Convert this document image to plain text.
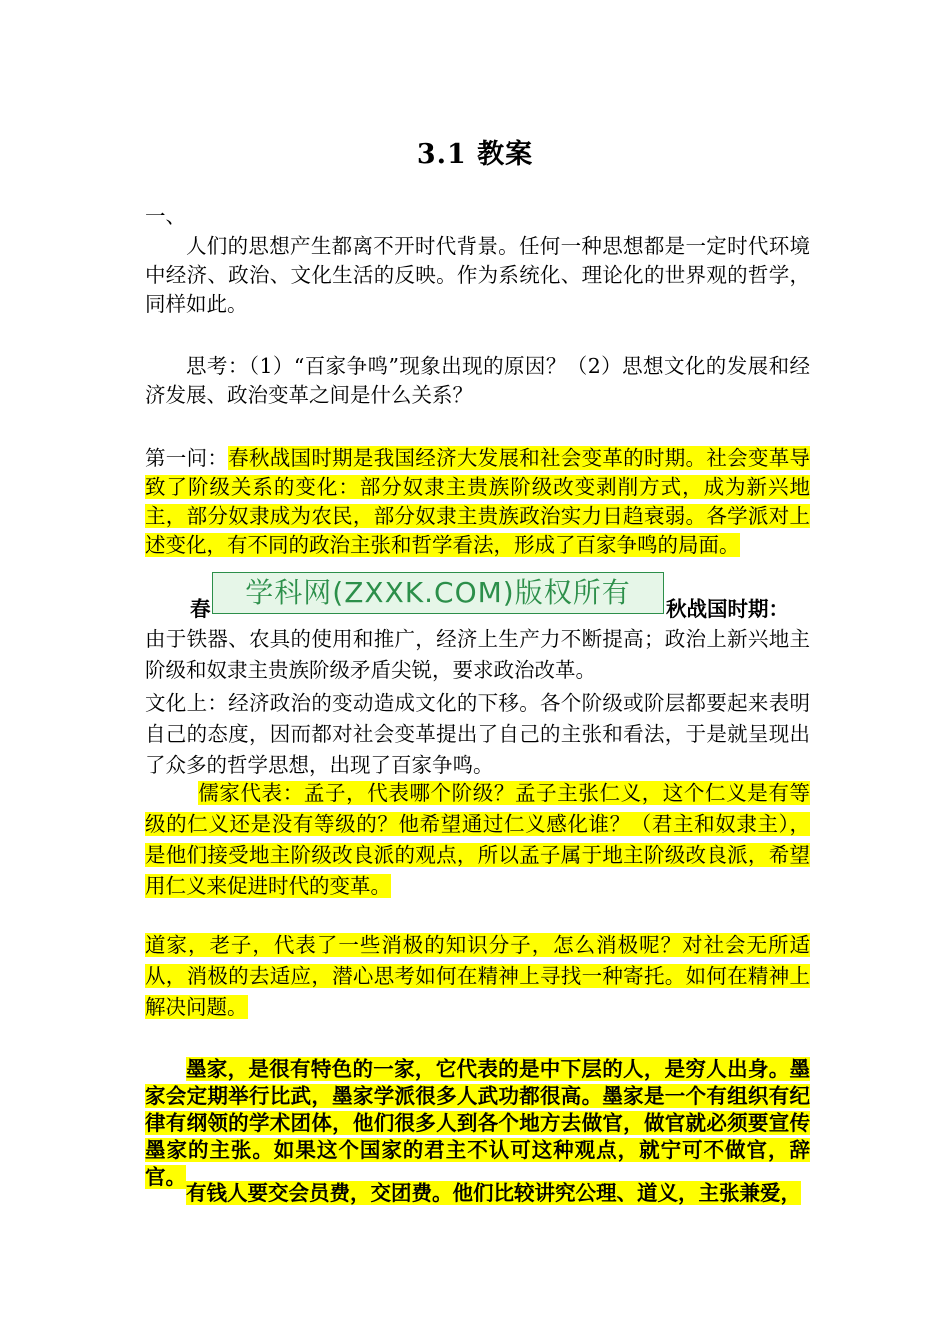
3.1 教案

一、

人们的思想产生都离不开时代背景。任何一种思想都是一定时代环境中经济、政治、文化生活的反映。作为系统化、理论化的世界观的哲学，同样如此。

思考：（1）“百家争鸣”现象出现的原因？（2）思想文化的发展和经济发展、政治变革之间是什么关系？

第一问：春秋战国时期是我国经济大发展和社会变革的时期。社会变革导致了阶级关系的变化：部分奴隶主贵族阶级改变剥削方式，成为新兴地主，部分奴隶成为农民，部分奴隶主贵族政治实力日趋衰弱。各学派对上述变化，有不同的政治主张和哲学看法，形成了百家争鸣的局面。

春	学科网(ZXXK.COM)版权所有	秋战国时期：

由于铁器、农具的使用和推广，经济上生产力不断提高；政治上新兴地主阶级和奴隶主贵族阶级矛盾尖锐，要求政治改革。

文化上：经济政治的变动造成文化的下移。各个阶级或阶层都要起来表明自己的态度，因而都对社会变革提出了自己的主张和看法，于是就呈现出了众多的哲学思想，出现了百家争鸣。

儒家代表：孟子，代表哪个阶级？孟子主张仁义，这个仁义是有等级的仁义还是没有等级的？他希望通过仁义感化谁？（君主和奴隶主），是他们接受地主阶级改良派的观点，所以孟子属于地主阶级改良派，希望用仁义来促进时代的变革。

道家，老子，代表了一些消极的知识分子，怎么消极呢？对社会无所适从，消极的去适应，潜心思考如何在精神上寻找一种寄托。如何在精神上解决问题。

墨家，是很有特色的一家，它代表的是中下层的人，是穷人出身。墨家会定期举行比武，墨家学派很多人武功都很高。墨家是一个有组织有纪律有纲领的学术团体，他们很多人到各个地方去做官，做官就必须要宣传墨家的主张。如果这个国家的君主不认可这种观点，就宁可不做官，辞官。

有钱人要交会员费，交团费。他们比较讲究公理、道义，主张兼爱，
